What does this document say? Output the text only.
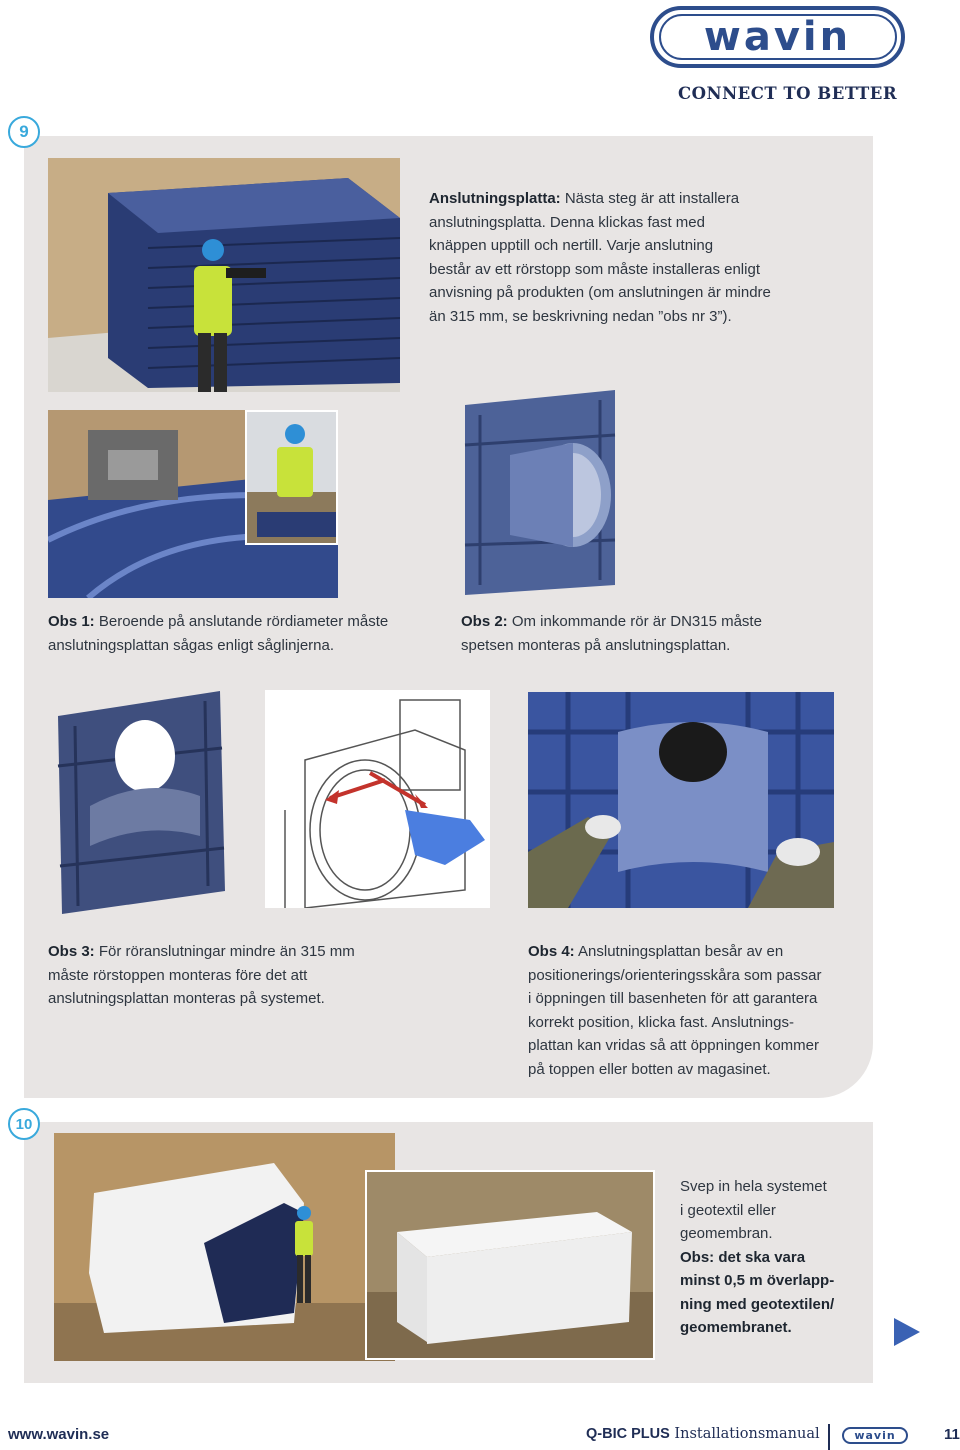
wavin
CONNECT TO BETTER
9
Anslutningsplatta: Nästa steg är att installera
anslutningsplatta. Denna klickas fast med
knäppen upptill och nertill. Varje anslutning
består av ett rörstopp som måste installeras enligt
anvisning på produkten (om anslutningen är mindre
än 315 mm, se beskrivning nedan ”obs nr 3”).
Obs 1: Beroende på anslutande rördiameter måste
anslutningsplattan sågas enligt såglinjerna.
Obs 2: Om inkommande rör är DN315 måste
spetsen monteras på anslutningsplattan.
Obs 3: För röranslutningar mindre än 315 mm
måste rörstoppen monteras före det att
anslutningsplattan monteras på systemet.
Obs 4: Anslutningsplattan besår av en
positionerings/orienteringsskåra som passar
i öppningen till basenheten för att garantera
korrekt position, klicka fast. Anslutnings-
plattan kan vridas så att öppningen kommer
på toppen eller botten av magasinet.
10
Svep in hela systemet
i geotextil eller
geomembran.
Obs: det ska vara
minst 0,5 m överlapp-
ning med geotextilen/
geomembranet.
www.wavin.se	Q-BIC PLUS Installationsmanual	wavin	11
